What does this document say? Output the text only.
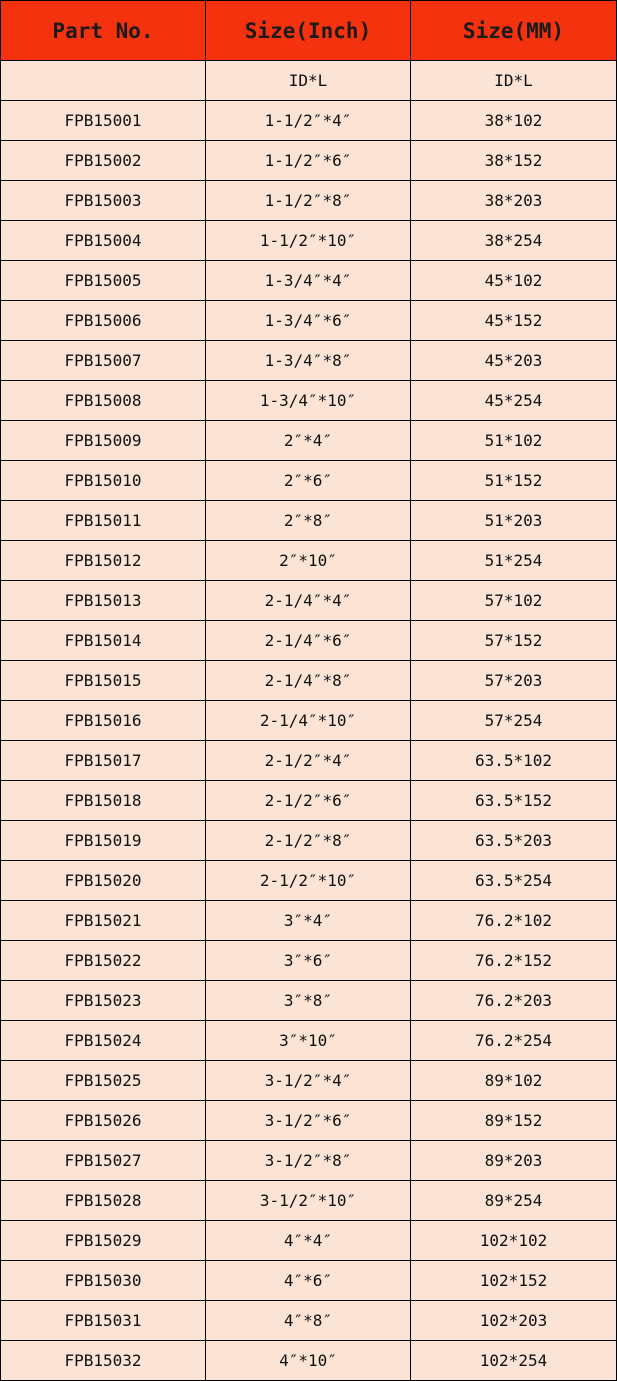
Part No.	Size(Inch)	Size(MM)
	ID*L	ID*L
FPB15001	1-1/2″*4″	38*102
FPB15002	1-1/2″*6″	38*152
FPB15003	1-1/2″*8″	38*203
FPB15004	1-1/2″*10″	38*254
FPB15005	1-3/4″*4″	45*102
FPB15006	1-3/4″*6″	45*152
FPB15007	1-3/4″*8″	45*203
FPB15008	1-3/4″*10″	45*254
FPB15009	2″*4″	51*102
FPB15010	2″*6″	51*152
FPB15011	2″*8″	51*203
FPB15012	2″*10″	51*254
FPB15013	2-1/4″*4″	57*102
FPB15014	2-1/4″*6″	57*152
FPB15015	2-1/4″*8″	57*203
FPB15016	2-1/4″*10″	57*254
FPB15017	2-1/2″*4″	63.5*102
FPB15018	2-1/2″*6″	63.5*152
FPB15019	2-1/2″*8″	63.5*203
FPB15020	2-1/2″*10″	63.5*254
FPB15021	3″*4″	76.2*102
FPB15022	3″*6″	76.2*152
FPB15023	3″*8″	76.2*203
FPB15024	3″*10″	76.2*254
FPB15025	3-1/2″*4″	89*102
FPB15026	3-1/2″*6″	89*152
FPB15027	3-1/2″*8″	89*203
FPB15028	3-1/2″*10″	89*254
FPB15029	4″*4″	102*102
FPB15030	4″*6″	102*152
FPB15031	4″*8″	102*203
FPB15032	4″*10″	102*254
